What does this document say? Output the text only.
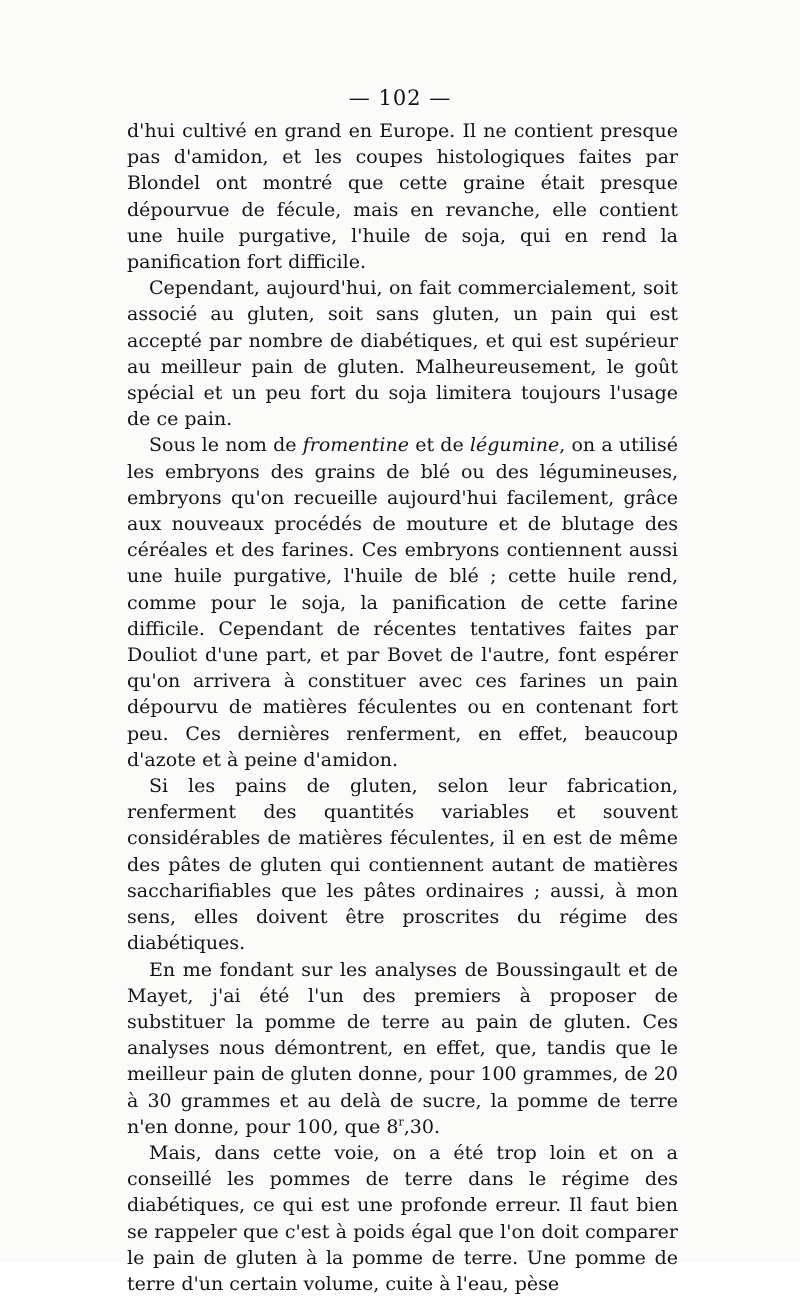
— 102 —

d'hui cultivé en grand en Europe. Il ne contient presque pas d'amidon, et les coupes histologiques faites par Blondel ont montré que cette graine était presque dépourvue de fécule, mais en revanche, elle contient une huile purgative, l'huile de soja, qui en rend la panification fort difficile.

Cependant, aujourd'hui, on fait commercialement, soit associé au gluten, soit sans gluten, un pain qui est accepté par nombre de diabétiques, et qui est supérieur au meilleur pain de gluten. Malheureusement, le goût spécial et un peu fort du soja limitera toujours l'usage de ce pain.

Sous le nom de fromentine et de légumine, on a utilisé les embryons des grains de blé ou des légumineuses, embryons qu'on recueille aujourd'hui facilement, grâce aux nouveaux procédés de mouture et de blutage des céréales et des farines. Ces embryons contiennent aussi une huile purgative, l'huile de blé ; cette huile rend, comme pour le soja, la panification de cette farine difficile. Cependant de récentes tentatives faites par Douliot d'une part, et par Bovet de l'autre, font espérer qu'on arrivera à constituer avec ces farines un pain dépourvu de matières féculentes ou en contenant fort peu. Ces dernières renferment, en effet, beaucoup d'azote et à peine d'amidon.

Si les pains de gluten, selon leur fabrication, renferment des quantités variables et souvent considérables de matières féculentes, il en est de même des pâtes de gluten qui contiennent autant de matières saccharifiables que les pâtes ordinaires ; aussi, à mon sens, elles doivent être proscrites du régime des diabétiques.

En me fondant sur les analyses de Boussingault et de Mayet, j'ai été l'un des premiers à proposer de substituer la pomme de terre au pain de gluten. Ces analyses nous démontrent, en effet, que, tandis que le meilleur pain de gluten donne, pour 100 grammes, de 20 à 30 grammes et au delà de sucre, la pomme de terre n'en donne, pour 100, que 8$^r$,30.

Mais, dans cette voie, on a été trop loin et on a conseillé les pommes de terre dans le régime des diabétiques, ce qui est une profonde erreur. Il faut bien se rappeler que c'est à poids égal que l'on doit comparer le pain de gluten à la pomme de terre. Une pomme de terre d'un certain volume, cuite à l'eau, pèse
